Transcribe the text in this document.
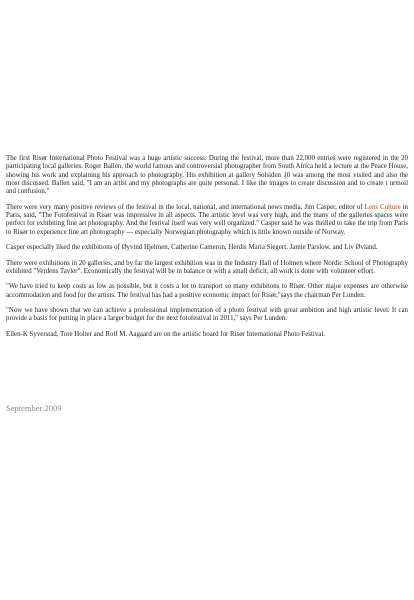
The first Risør International Photo Festival was a huge artistic success. During the festival, more than 22,000 entries were registered in the 20 participating local galleries. Roger Ballen, the world famous and controversial photographer from South Africa held a lecture at the Peace House, showing his work and explaining his approach to photography. His exhibition at gallery Solsiden 10 was among the most visited and also the most discussed. Ballen said, "I am an artist and my photographs are quite personal. I like the images to create discussion and to create t urmoil and confusion."

There were very many positive reviews of the festival in the local, national, and international news media. Jim Casper, editor of Lens Culture in Paris, said, "The Fotofestival in Risør was impressive in all aspects. The artistic level was very high, and the many of the galleries spaces were perfect for exhibiting fine art photography. And the festival itself was very well organized." Casper said he was thrilled to take the trip from Paris to Risør to experience fine art photography — especially Norwegian photography which is little known outside of Norway.

Casper especially liked the exhibitions of Øyvind Hjelmen, Catherine Cameron, Herdis Maria Siegert, Jamie Parslow, and Liv Øvland.

There were exhibitions in 20 galleries, and by far the largest exhibition was in the Industry Hall of Holmen where Nordic School of Photography exhibited "Verdens Tavler". Economically the festival will be in balance or with a small deficit, all work is done with volunteer effort.

"We have tried to keep costs as low as possible, but it costs a lot to transport so many exhibitons to Risør. Other major expenses are otherwise accommodation and food for the artists. The festival has had a positive economic impact for Risør,"says the chairman Per Lunden.

"Now we have shown that we can achieve a professional implementation of a photo festival with great ambition and high artistic level. It can provide a basis for putting in place a larger budget for the next fotofestival in 2011," says Per Lunden.

Ellen-K Syverstad, Tore Holter and Rolf M. Aagaard are on the artistic board for Risør International Photo Festival.

September 2009
